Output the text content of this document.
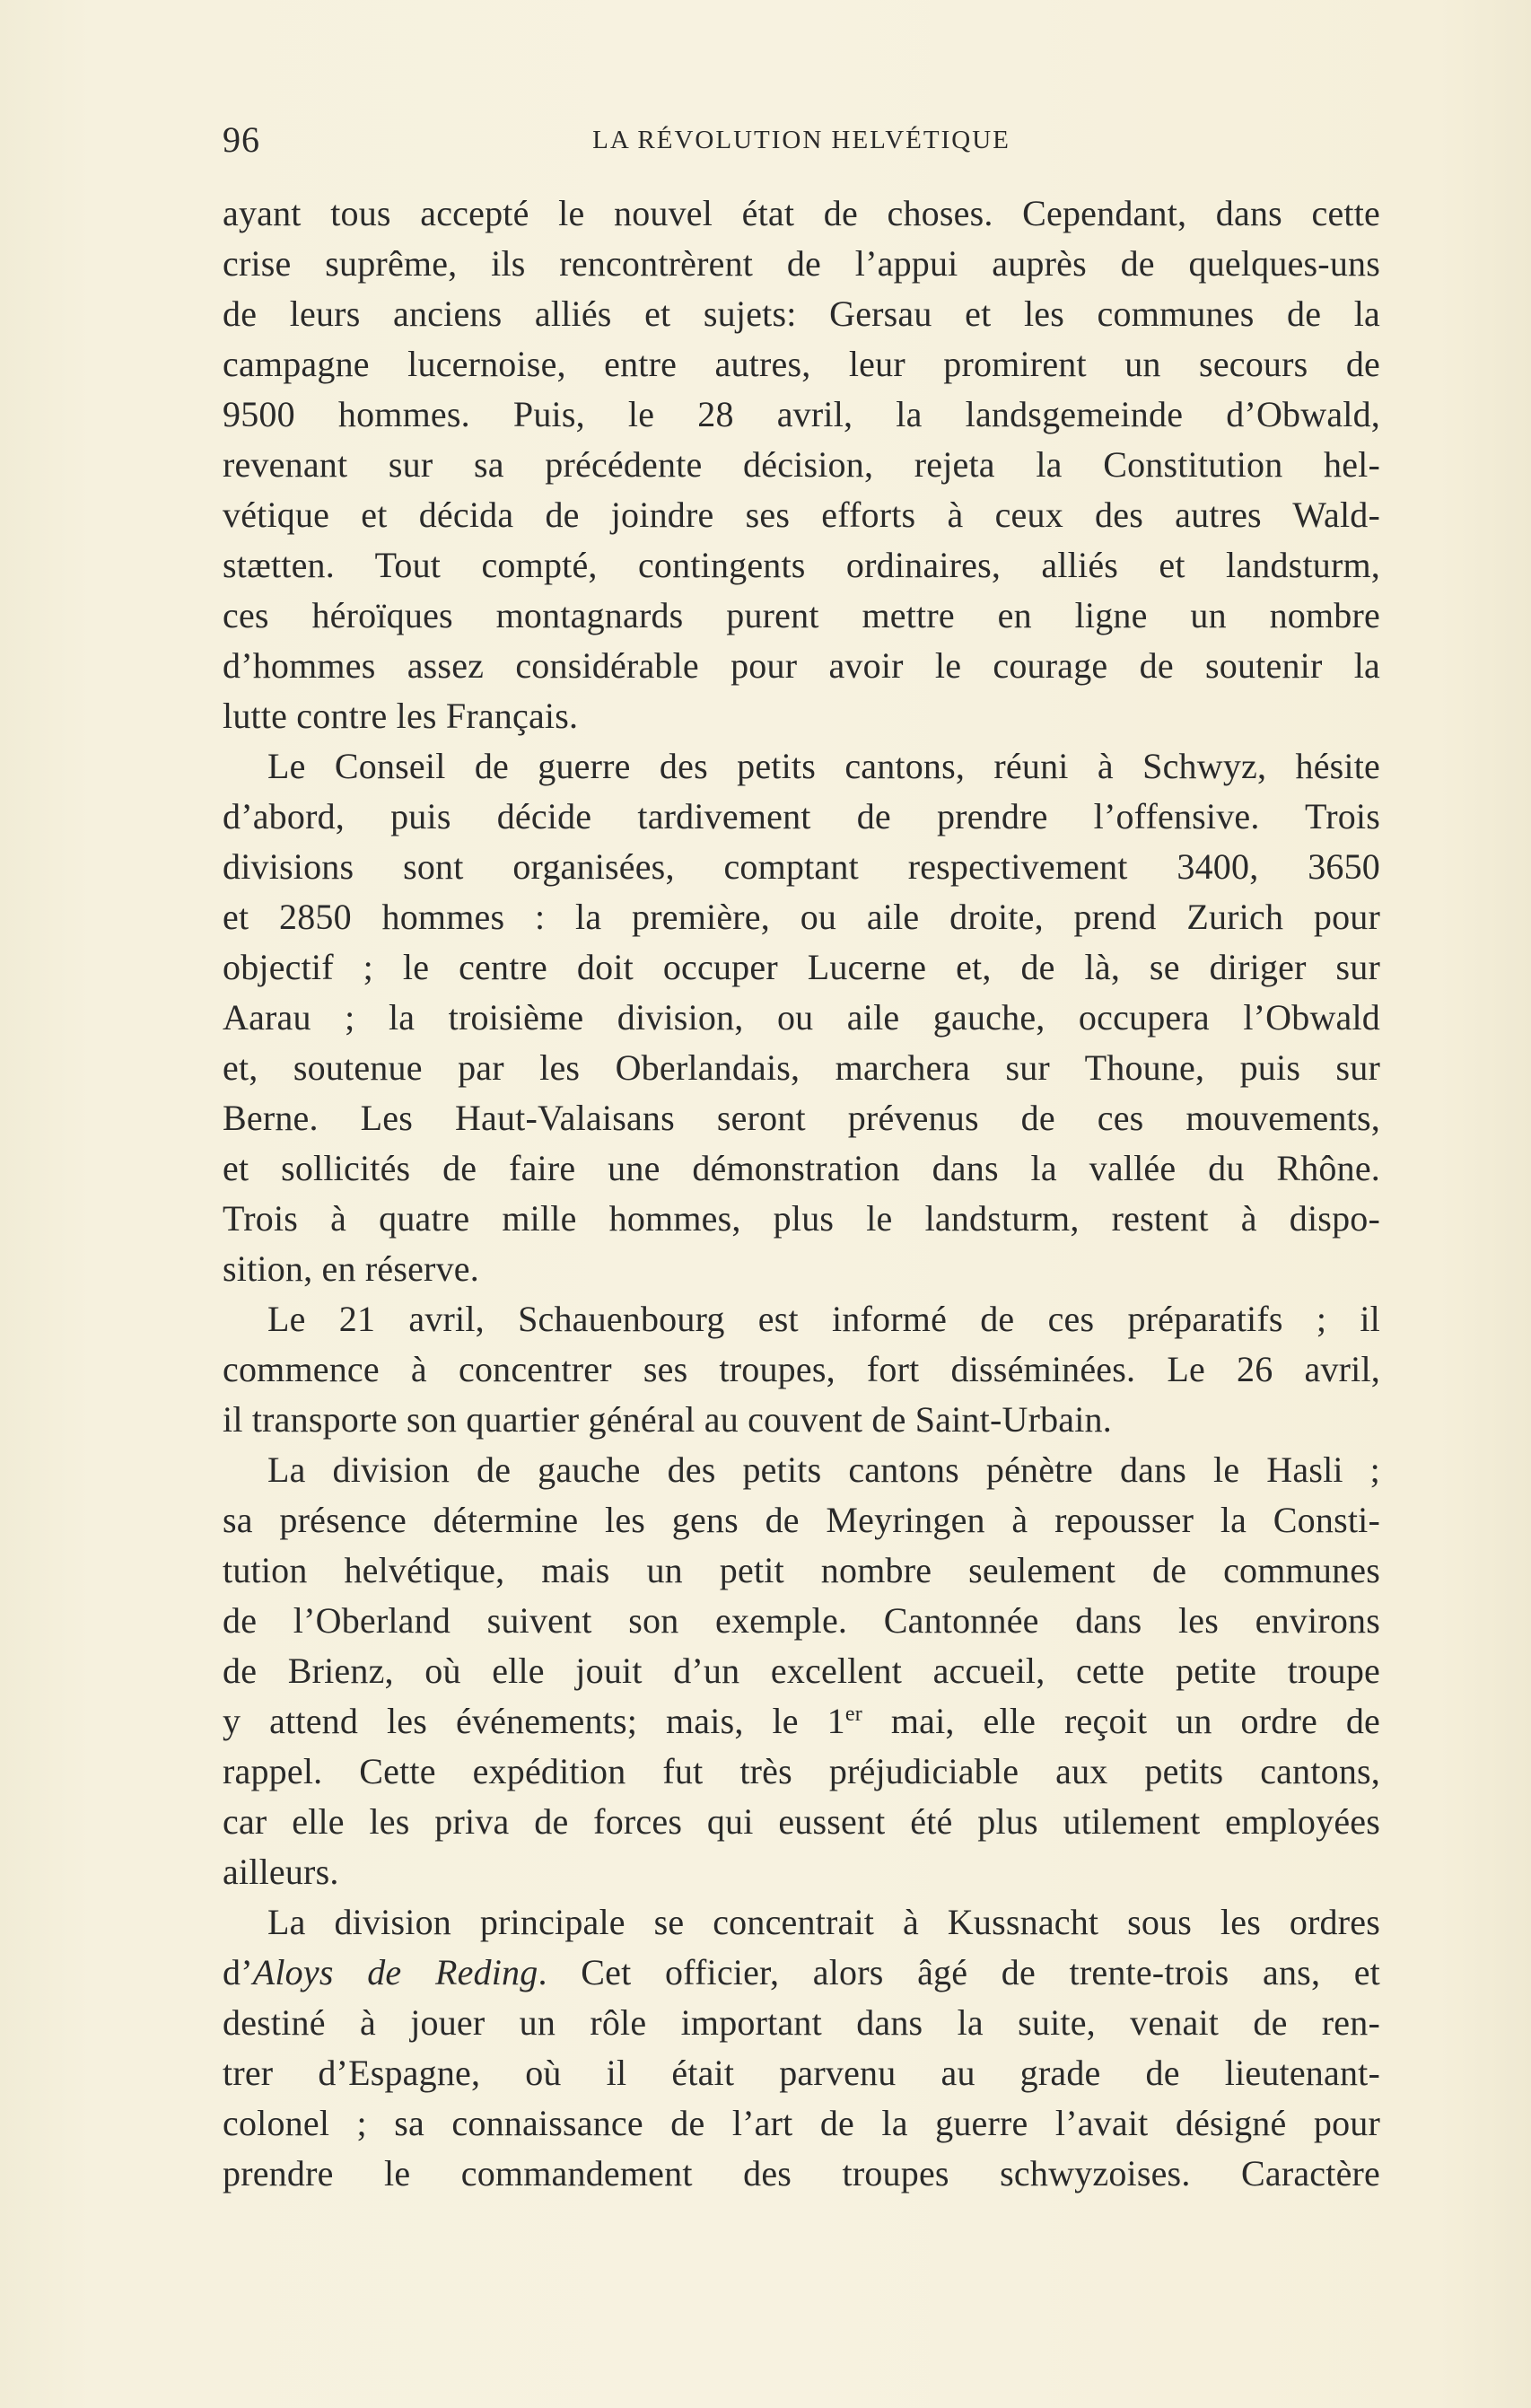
96	LA RÉVOLUTION HELVÉTIQUE
ayant tous accepté le nouvel état de choses. Cependant, dans cette
crise suprême, ils rencontrèrent de l’appui auprès de quelques-uns
de leurs anciens alliés et sujets: Gersau et les communes de la
campagne lucernoise, entre autres, leur promirent un secours de
9500 hommes. Puis, le 28 avril, la landsgemeinde d’Obwald,
revenant sur sa précédente décision, rejeta la Constitution hel-
vétique et décida de joindre ses efforts à ceux des autres Wald-
stætten. Tout compté, contingents ordinaires, alliés et landsturm,
ces héroïques montagnards purent mettre en ligne un nombre
d’hommes assez considérable pour avoir le courage de soutenir la
lutte contre les Français.
Le Conseil de guerre des petits cantons, réuni à Schwyz, hésite
d’abord, puis décide tardivement de prendre l’offensive. Trois
divisions sont organisées, comptant respectivement 3400, 3650
et 2850 hommes : la première, ou aile droite, prend Zurich pour
objectif ; le centre doit occuper Lucerne et, de là, se diriger sur
Aarau ; la troisième division, ou aile gauche, occupera l’Obwald
et, soutenue par les Oberlandais, marchera sur Thoune, puis sur
Berne. Les Haut-Valaisans seront prévenus de ces mouvements,
et sollicités de faire une démonstration dans la vallée du Rhône.
Trois à quatre mille hommes, plus le landsturm, restent à dispo-
sition, en réserve.
Le 21 avril, Schauenbourg est informé de ces préparatifs ; il
commence à concentrer ses troupes, fort disséminées. Le 26 avril,
il transporte son quartier général au couvent de Saint-Urbain.
La division de gauche des petits cantons pénètre dans le Hasli ;
sa présence détermine les gens de Meyringen à repousser la Consti-
tution helvétique, mais un petit nombre seulement de communes
de l’Oberland suivent son exemple. Cantonnée dans les environs
de Brienz, où elle jouit d’un excellent accueil, cette petite troupe
y attend les événements; mais, le 1er mai, elle reçoit un ordre de
rappel. Cette expédition fut très préjudiciable aux petits cantons,
car elle les priva de forces qui eussent été plus utilement employées
ailleurs.
La division principale se concentrait à Kussnacht sous les ordres
d’Aloys de Reding. Cet officier, alors âgé de trente-trois ans, et
destiné à jouer un rôle important dans la suite, venait de ren-
trer d’Espagne, où il était parvenu au grade de lieutenant-
colonel ; sa connaissance de l’art de la guerre l’avait désigné pour
prendre le commandement des troupes schwyzoises. Caractère
